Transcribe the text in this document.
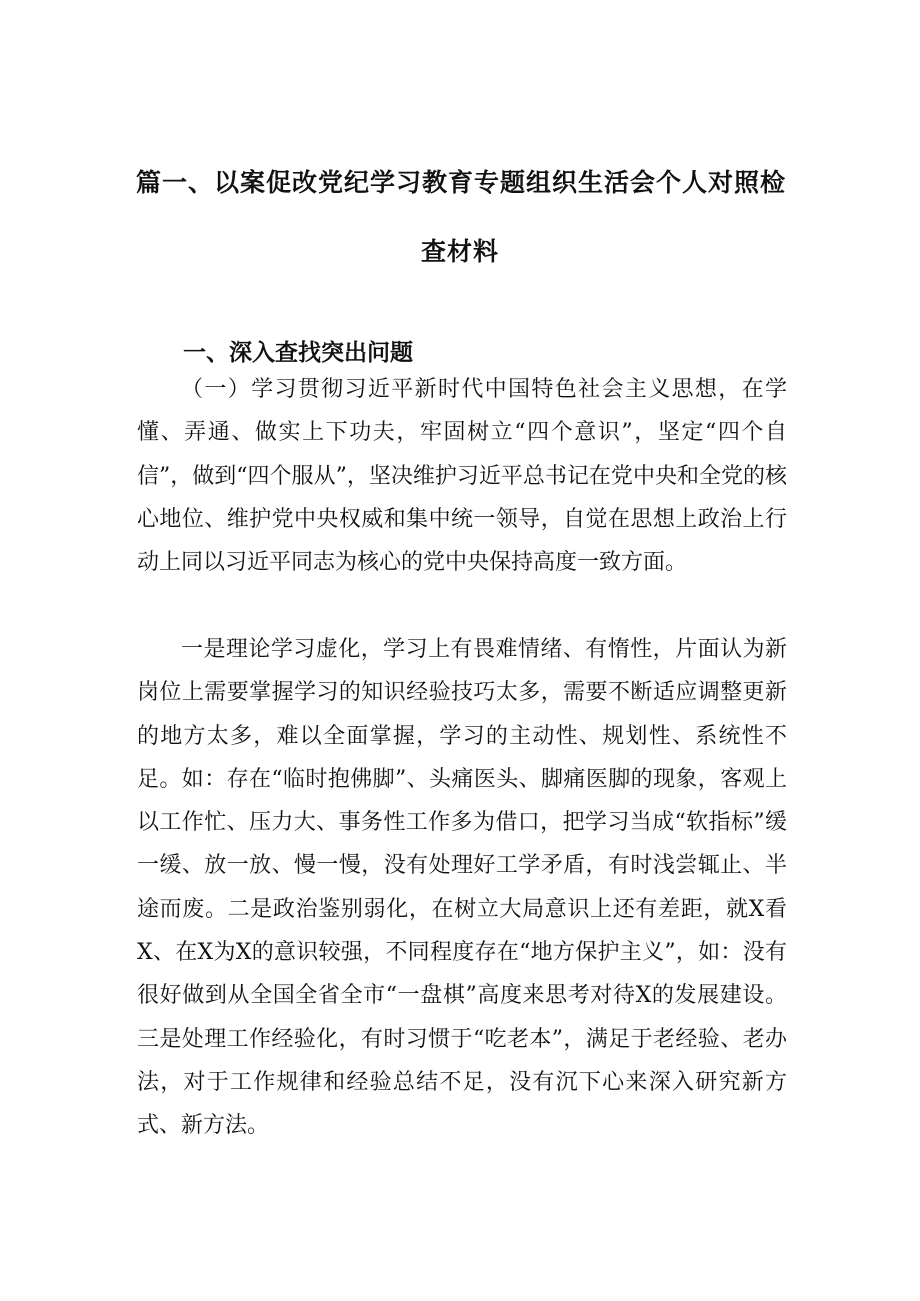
篇一、以案促改党纪学习教育专题组织生活会个人对照检
查材料
一、深入查找突出问题

（一）学习贯彻习近平新时代中国特色社会主义思想，在学懂、弄通、做实上下功夫，牢固树立“四个意识”，坚定“四个自信”，做到“四个服从”，坚决维护习近平总书记在党中央和全党的核心地位、维护党中央权威和集中统一领导，自觉在思想上政治上行动上同以习近平同志为核心的党中央保持高度一致方面。

一是理论学习虚化，学习上有畏难情绪、有惰性，片面认为新岗位上需要掌握学习的知识经验技巧太多，需要不断适应调整更新的地方太多，难以全面掌握，学习的主动性、规划性、系统性不足。如：存在“临时抱佛脚”、头痛医头、脚痛医脚的现象，客观上以工作忙、压力大、事务性工作多为借口，把学习当成“软指标”缓一缓、放一放、慢一慢，没有处理好工学矛盾，有时浅尝辄止、半途而废。二是政治鉴别弱化，在树立大局意识上还有差距，就X看X、在X为X的意识较强，不同程度存在“地方保护主义”，如：没有很好做到从全国全省全市“一盘棋”高度来思考对待X的发展建设。三是处理工作经验化，有时习惯于“吃老本”，满足于老经验、老办法，对于工作规律和经验总结不足，没有沉下心来深入研究新方式、新方法。
